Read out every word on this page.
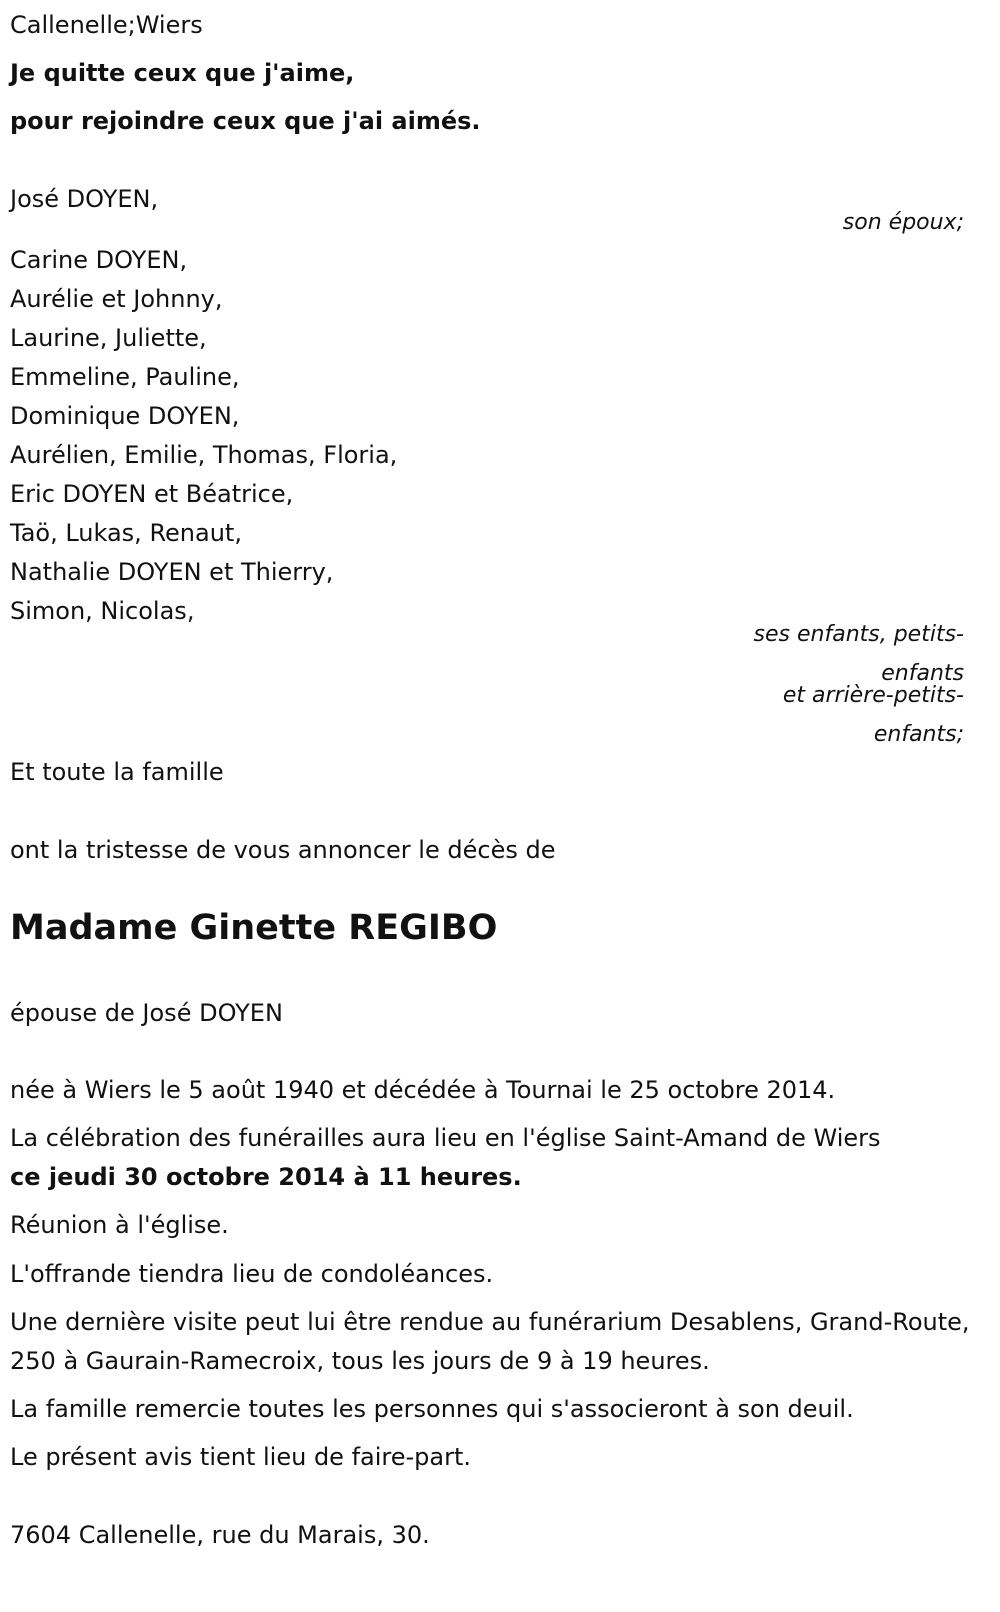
Callenelle;Wiers
Je quitte ceux que j'aime,
pour rejoindre ceux que j'ai aimés.
José DOYEN,
son époux;
Carine DOYEN,
Aurélie et Johnny,
Laurine, Juliette,
Emmeline, Pauline,
Dominique DOYEN,
Aurélien, Emilie, Thomas, Floria,
Eric DOYEN et Béatrice,
Taö, Lukas, Renaut,
Nathalie DOYEN et Thierry,
Simon, Nicolas,
ses enfants, petits-
enfants
et arrière-petits-
enfants;
Et toute la famille
ont la tristesse de vous annoncer le décès de
Madame Ginette REGIBO
épouse de José DOYEN
née à Wiers le 5 août 1940 et décédée à Tournai le 25 octobre 2014.
La célébration des funérailles aura lieu en l'église Saint-Amand de Wiers
ce jeudi 30 octobre 2014 à 11 heures.
Réunion à l'église.
L'offrande tiendra lieu de condoléances.
Une dernière visite peut lui être rendue au funérarium Desablens, Grand-Route, 250 à Gaurain-Ramecroix, tous les jours de 9 à 19 heures.
La famille remercie toutes les personnes qui s'associeront à son deuil.
Le présent avis tient lieu de faire-part.
7604 Callenelle, rue du Marais, 30.
